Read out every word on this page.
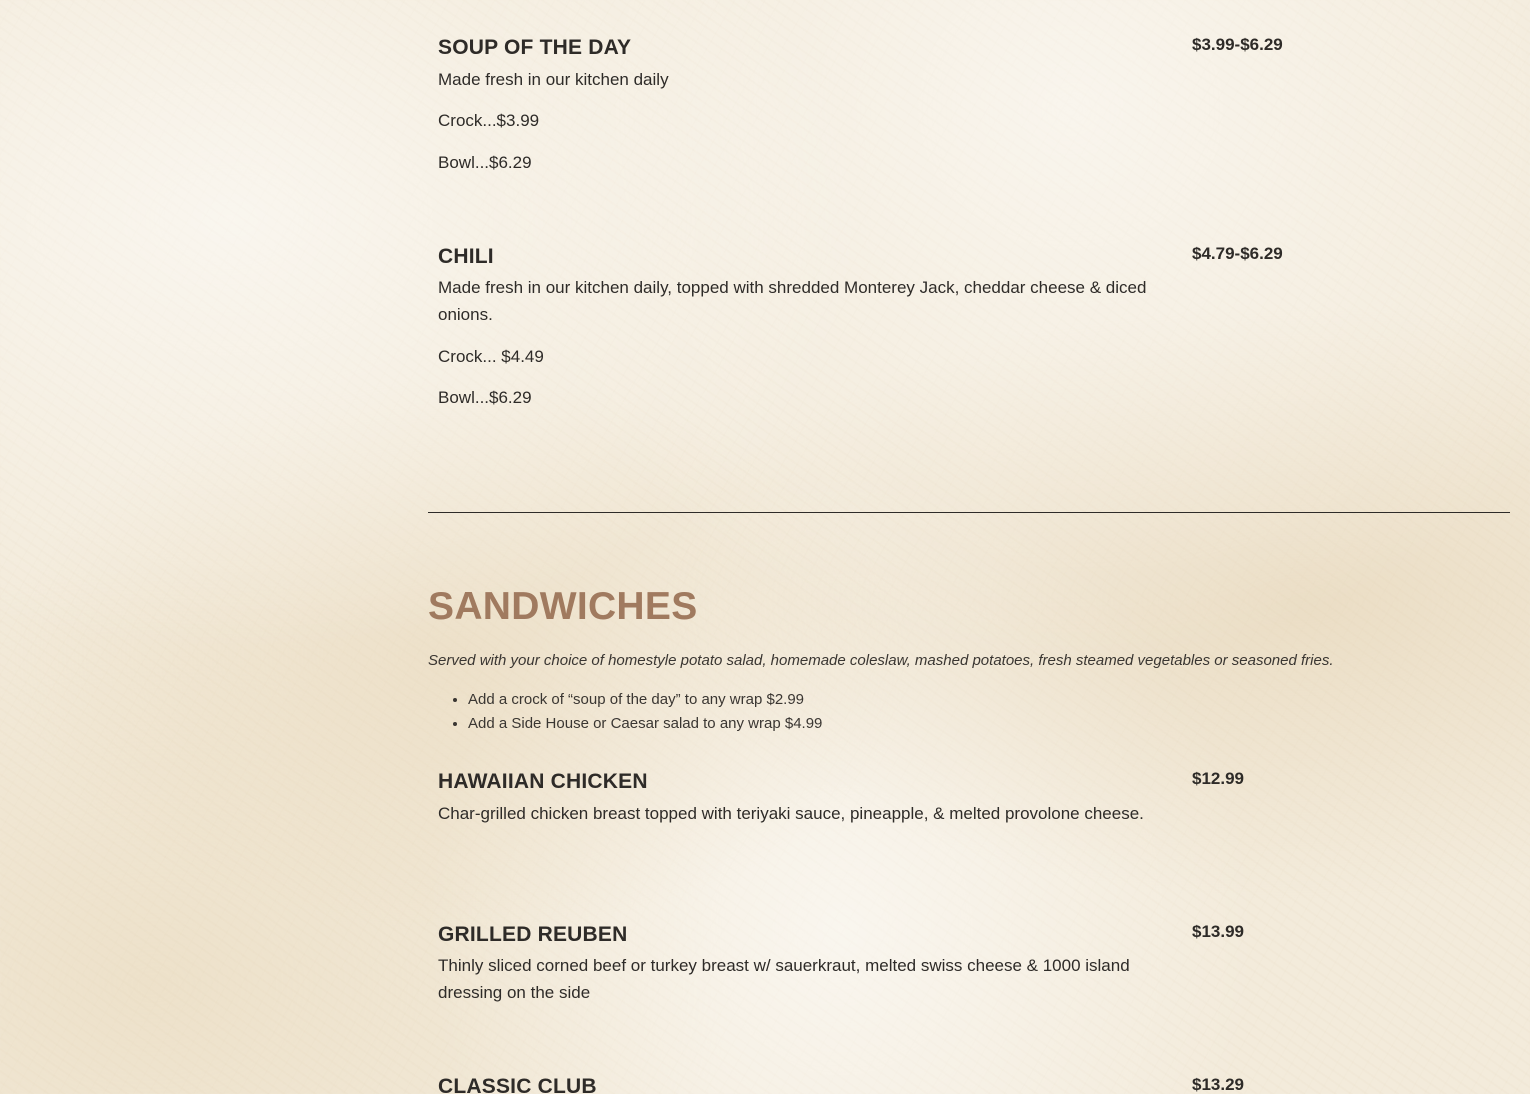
SOUP OF THE DAY	$3.99-$6.29
Made fresh in our kitchen daily
Crock...$3.99
Bowl...$6.29
CHILI	$4.79-$6.29
Made fresh in our kitchen daily, topped with shredded Monterey Jack, cheddar cheese & diced onions.
Crock... $4.49
Bowl...$6.29
SANDWICHES
Served with your choice of homestyle potato salad, homemade coleslaw, mashed potatoes, fresh steamed vegetables or seasoned fries.
• Add a crock of “soup of the day” to any wrap $2.99
• Add a Side House or Caesar salad to any wrap $4.99
HAWAIIAN CHICKEN	$12.99
Char-grilled chicken breast topped with teriyaki sauce, pineapple, & melted provolone cheese.
GRILLED REUBEN	$13.99
Thinly sliced corned beef or turkey breast w/ sauerkraut, melted swiss cheese & 1000 island dressing on the side
CLASSIC CLUB	$13.29
